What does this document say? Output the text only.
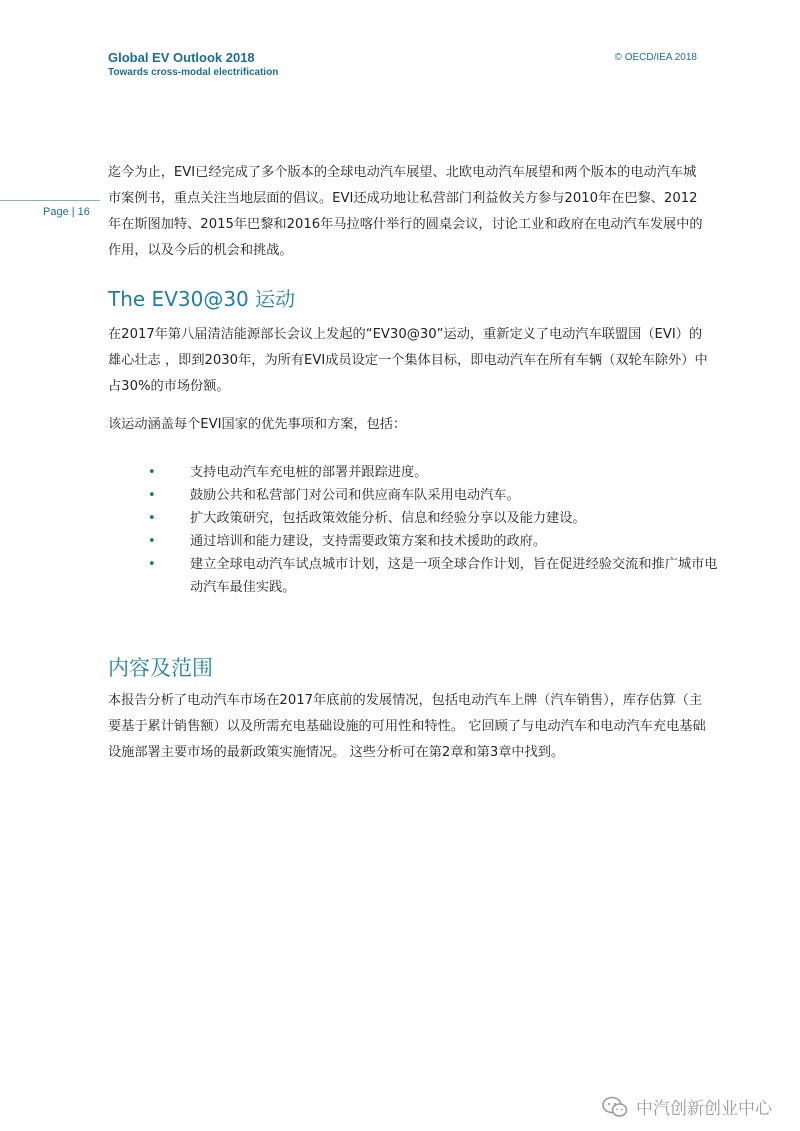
Global EV Outlook 2018
Towards cross-modal electrification
© OECD/IEA 2018
Page | 16
迄今为止，EVI已经完成了多个版本的全球电动汽车展望、北欧电动汽车展望和两个版本的电动汽车城市案例书，重点关注当地层面的倡议。EVI还成功地让私营部门利益攸关方参与2010年在巴黎、2012年在斯图加特、2015年巴黎和2016年马拉喀什举行的圆桌会议，讨论工业和政府在电动汽车发展中的作用，以及今后的机会和挑战。
The EV30@30 运动
在2017年第八届清洁能源部长会议上发起的“EV30@30”运动，重新定义了电动汽车联盟国（EVI）的雄心壮志 ，即到2030年，为所有EVI成员设定一个集体目标，即电动汽车在所有车辆（双轮车除外）中占30%的市场份额。
该运动涵盖每个EVI国家的优先事项和方案，包括：
•	支持电动汽车充电桩的部署并跟踪进度。
•	鼓励公共和私营部门对公司和供应商车队采用电动汽车。
•	扩大政策研究，包括政策效能分析、信息和经验分享以及能力建设。
•	通过培训和能力建设，支持需要政策方案和技术援助的政府。
•	建立全球电动汽车试点城市计划，这是一项全球合作计划，旨在促进经验交流和推广城市电动汽车最佳实践。
内容及范围
本报告分析了电动汽车市场在2017年底前的发展情况，包括电动汽车上牌（汽车销售），库存估算（主要基于累计销售额）以及所需充电基础设施的可用性和特性。 它回顾了与电动汽车和电动汽车充电基础设施部署主要市场的最新政策实施情况。 这些分析可在第2章和第3章中找到。
中汽创新创业中心
